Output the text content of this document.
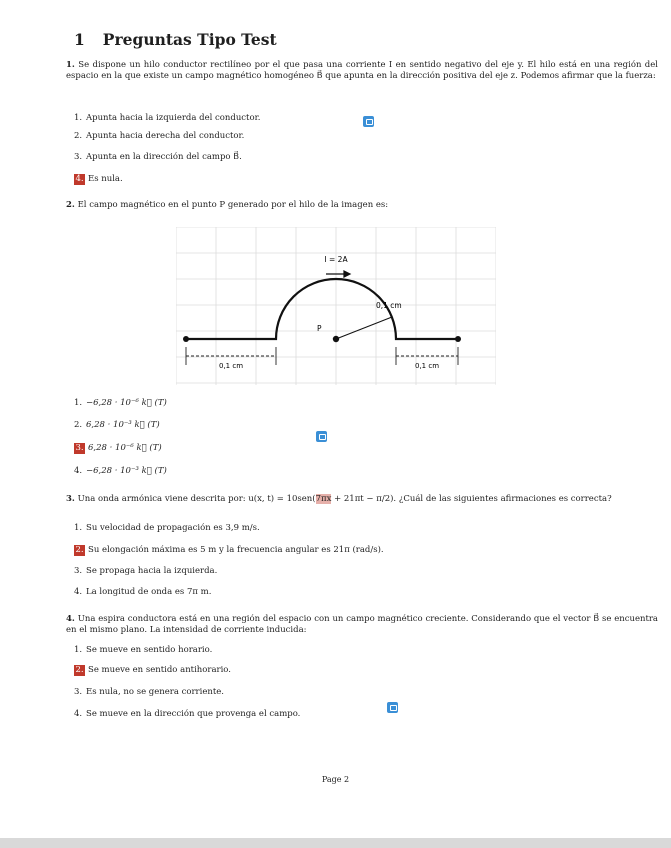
1 Preguntas Tipo Test
1. Se dispone un hilo conductor rectilíneo por el que pasa una corriente I en sentido negativo del eje y. El hilo está en una región del espacio en la que existe un campo magnético homogéneo B⃗ que apunta en la dirección positiva del eje z. Podemos afirmar que la fuerza:
1. Apunta hacia la izquierda del conductor.
2. Apunta hacia derecha del conductor.
3. Apunta en la dirección del campo B⃗.
4. Es nula.
2. El campo magnético en el punto P generado por el hilo de la imagen es:
I = 2A
0,1 cm
P
0,1 cm	0,1 cm
1. −6,28 · 10⁻⁶ k⃗ (T)
2. 6,28 · 10⁻³ k⃗ (T)
3. 6,28 · 10⁻⁶ k⃗ (T)
4. −6,28 · 10⁻³ k⃗ (T)
3. Una onda armónica viene descrita por: u(x, t) = 10sen(7πx + 21πt − π/2). ¿Cuál de las siguientes afirmaciones es correcta?
1. Su velocidad de propagación es 3,9 m/s.
2. Su elongación máxima es 5 m y la frecuencia angular es 21π (rad/s).
3. Se propaga hacia la izquierda.
4. La longitud de onda es 7π m.
4. Una espira conductora está en una región del espacio con un campo magnético creciente. Considerando que el vector B⃗ se encuentra en el mismo plano. La intensidad de corriente inducida:
1. Se mueve en sentido horario.
2. Se mueve en sentido antihorario.
3. Es nula, no se genera corriente.
4. Se mueve en la dirección que provenga el campo.
Page 2
